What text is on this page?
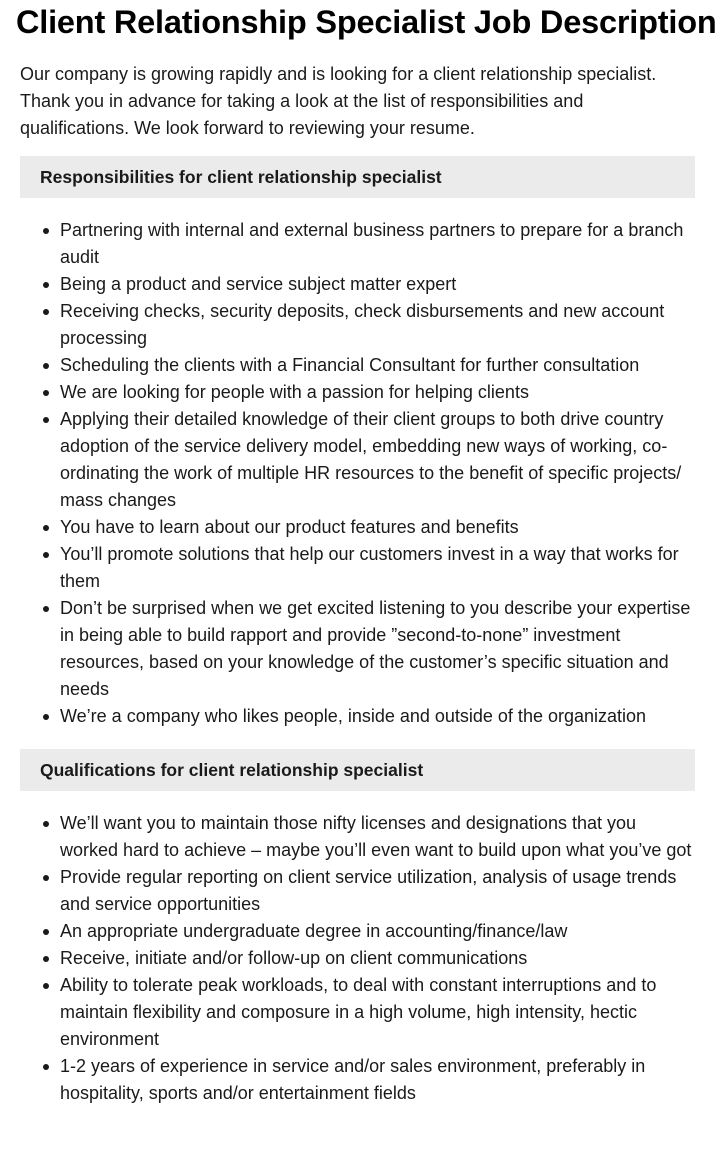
Client Relationship Specialist Job Description

Our company is growing rapidly and is looking for a client relationship specialist. Thank you in advance for taking a look at the list of responsibilities and qualifications. We look forward to reviewing your resume.

Responsibilities for client relationship specialist
Partnering with internal and external business partners to prepare for a branch audit
Being a product and service subject matter expert
Receiving checks, security deposits, check disbursements and new account processing
Scheduling the clients with a Financial Consultant for further consultation
We are looking for people with a passion for helping clients
Applying their detailed knowledge of their client groups to both drive country adoption of the service delivery model, embedding new ways of working, co-ordinating the work of multiple HR resources to the benefit of specific projects/ mass changes
You have to learn about our product features and benefits
You’ll promote solutions that help our customers invest in a way that works for them
Don’t be surprised when we get excited listening to you describe your expertise in being able to build rapport and provide ”second-to-none” investment resources, based on your knowledge of the customer’s specific situation and needs
We’re a company who likes people, inside and outside of the organization
Qualifications for client relationship specialist
We’ll want you to maintain those nifty licenses and designations that you worked hard to achieve – maybe you’ll even want to build upon what you’ve got
Provide regular reporting on client service utilization, analysis of usage trends and service opportunities
An appropriate undergraduate degree in accounting/finance/law
Receive, initiate and/or follow-up on client communications
Ability to tolerate peak workloads, to deal with constant interruptions and to maintain flexibility and composure in a high volume, high intensity, hectic environment
1-2 years of experience in service and/or sales environment, preferably in hospitality, sports and/or entertainment fields
